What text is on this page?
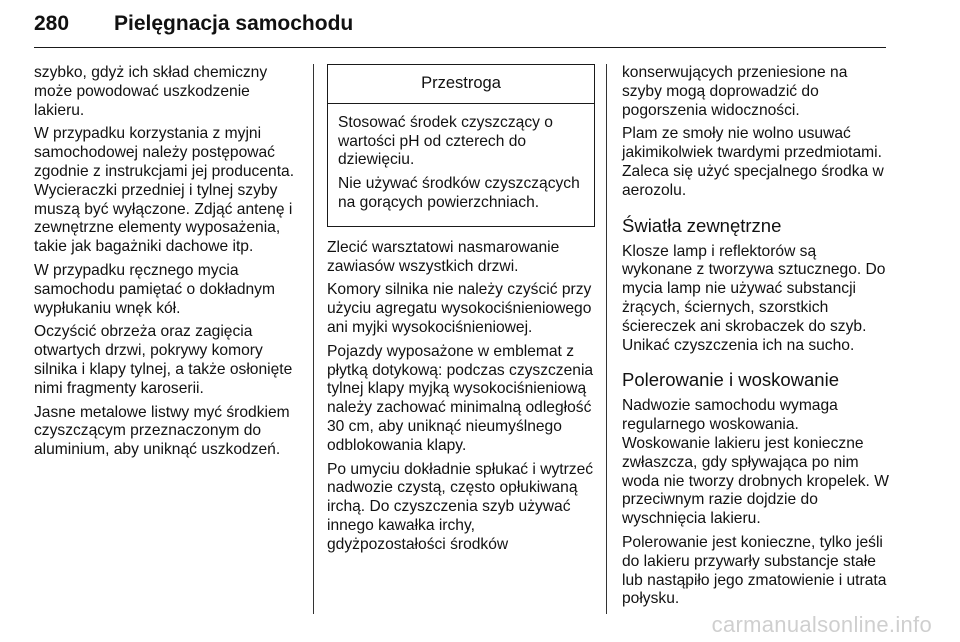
280 Pielęgnacja samochodu

szybko, gdyż ich skład chemiczny może powodować uszkodzenie lakieru.

W przypadku korzystania z myjni samochodowej należy postępować zgodnie z instrukcjami jej producenta. Wycieraczki przedniej i tylnej szyby muszą być wyłączone. Zdjąć antenę i zewnętrzne elementy wyposażenia, takie jak bagażniki dachowe itp.

W przypadku ręcznego mycia samochodu pamiętać o dokładnym wypłukaniu wnęk kół.

Oczyścić obrzeża oraz zagięcia otwartych drzwi, pokrywy komory silnika i klapy tylnej, a także osłonięte nimi fragmenty karoserii.

Jasne metalowe listwy myć środkiem czyszczącym przeznaczonym do aluminium, aby uniknąć uszkodzeń.

Przestroga

Stosować środek czyszczący o wartości pH od czterech do dziewięciu.

Nie używać środków czyszczących na gorących powierzchniach.

Zlecić warsztatowi nasmarowanie zawiasów wszystkich drzwi.

Komory silnika nie należy czyścić przy użyciu agregatu wysokociśnieniowego ani myjki wysokociśnieniowej.

Pojazdy wyposażone w emblemat z płytką dotykową: podczas czyszczenia tylnej klapy myjką wysokociśnieniową należy zachować minimalną odległość 30 cm, aby uniknąć nieumyślnego odblokowania klapy.

Po umyciu dokładnie spłukać i wytrzeć nadwozie czystą, często opłukiwaną irchą. Do czyszczenia szyb używać innego kawałka irchy, gdyżpozostałości środków

konserwujących przeniesione na szyby mogą doprowadzić do pogorszenia widoczności.

Plam ze smoły nie wolno usuwać jakimikolwiek twardymi przedmiotami. Zaleca się użyć specjalnego środka w aerozolu.

Światła zewnętrzne

Klosze lamp i reflektorów są wykonane z tworzywa sztucznego. Do mycia lamp nie używać substancji żrących, ściernych, szorstkich ściereczek ani skrobaczek do szyb. Unikać czyszczenia ich na sucho.

Polerowanie i woskowanie

Nadwozie samochodu wymaga regularnego woskowania. Woskowanie lakieru jest konieczne zwłaszcza, gdy spływająca po nim woda nie tworzy drobnych kropelek. W przeciwnym razie dojdzie do wyschnięcia lakieru.

Polerowanie jest konieczne, tylko jeśli do lakieru przywarły substancje stałe lub nastąpiło jego zmatowienie i utrata połysku.

carmanualsonline.info
